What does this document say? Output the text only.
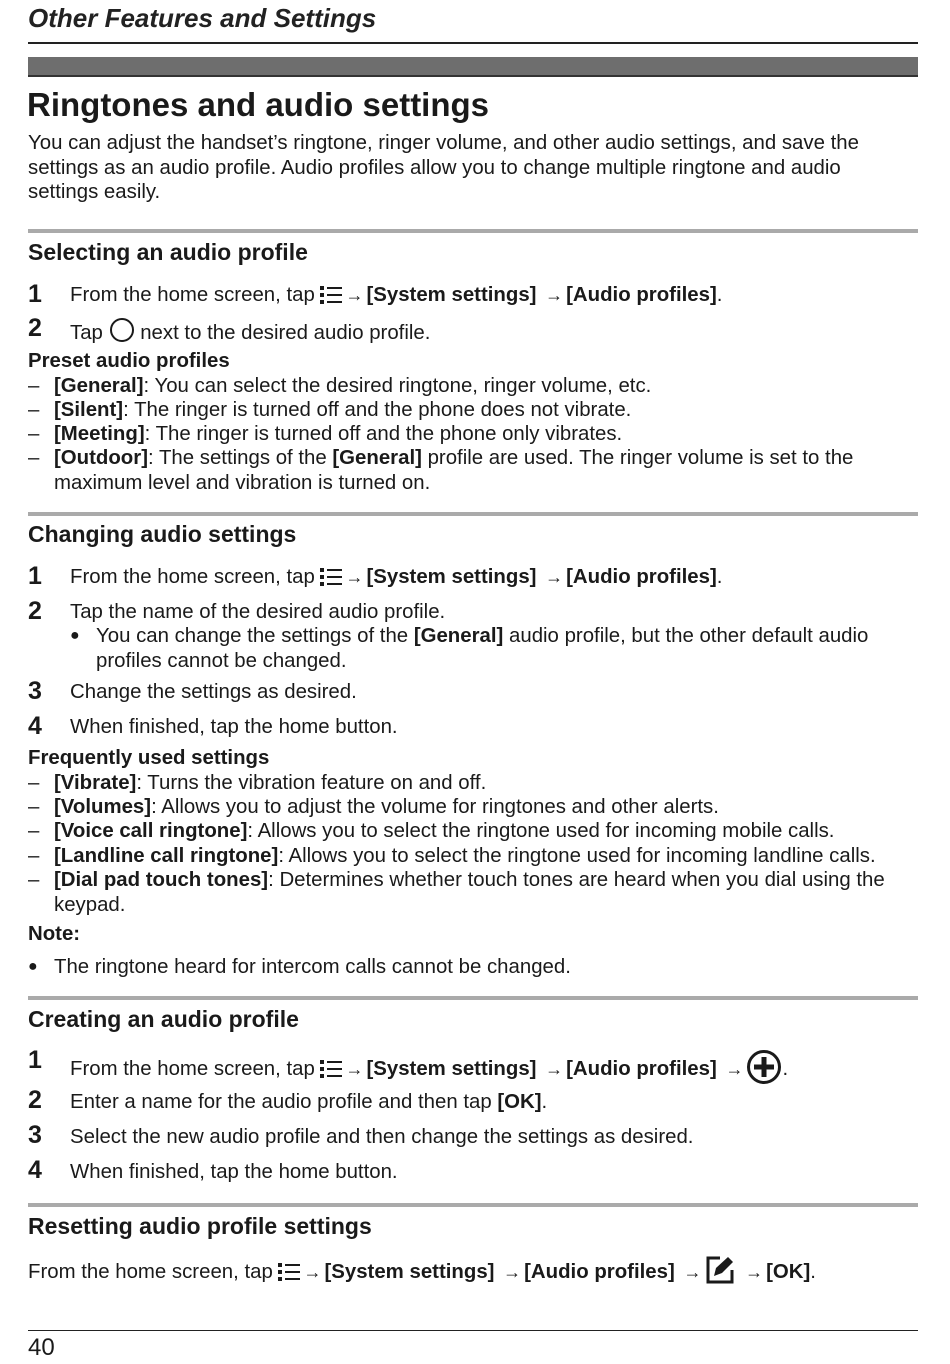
Other Features and Settings
Ringtones and audio settings

You can adjust the handset’s ringtone, ringer volume, and other audio settings, and save the settings as an audio profile. Audio profiles allow you to change multiple ringtone and audio settings easily.

Selecting an audio profile
1 From the home screen, tap → [System settings] → [Audio profiles].
2 Tap next to the desired audio profile.
Preset audio profiles
– [General]: You can select the desired ringtone, ringer volume, etc.
– [Silent]: The ringer is turned off and the phone does not vibrate.
– [Meeting]: The ringer is turned off and the phone only vibrates.
– [Outdoor]: The settings of the [General] profile are used. The ringer volume is set to the maximum level and vibration is turned on.
Changing audio settings
1 From the home screen, tap → [System settings] → [Audio profiles].
2 Tap the name of the desired audio profile.
● You can change the settings of the [General] audio profile, but the other default audio profiles cannot be changed.
3 Change the settings as desired.
4 When finished, tap the home button.
Frequently used settings
– [Vibrate]: Turns the vibration feature on and off.
– [Volumes]: Allows you to adjust the volume for ringtones and other alerts.
– [Voice call ringtone]: Allows you to select the ringtone used for incoming mobile calls.
– [Landline call ringtone]: Allows you to select the ringtone used for incoming landline calls.
– [Dial pad touch tones]: Determines whether touch tones are heard when you dial using the keypad.
Note:
● The ringtone heard for intercom calls cannot be changed.
Creating an audio profile
1 From the home screen, tap → [System settings] → [Audio profiles] → .
2 Enter a name for the audio profile and then tap [OK].
3 Select the new audio profile and then change the settings as desired.
4 When finished, tap the home button.
Resetting audio profile settings
From the home screen, tap → [System settings] → [Audio profiles] → → [OK].
40
